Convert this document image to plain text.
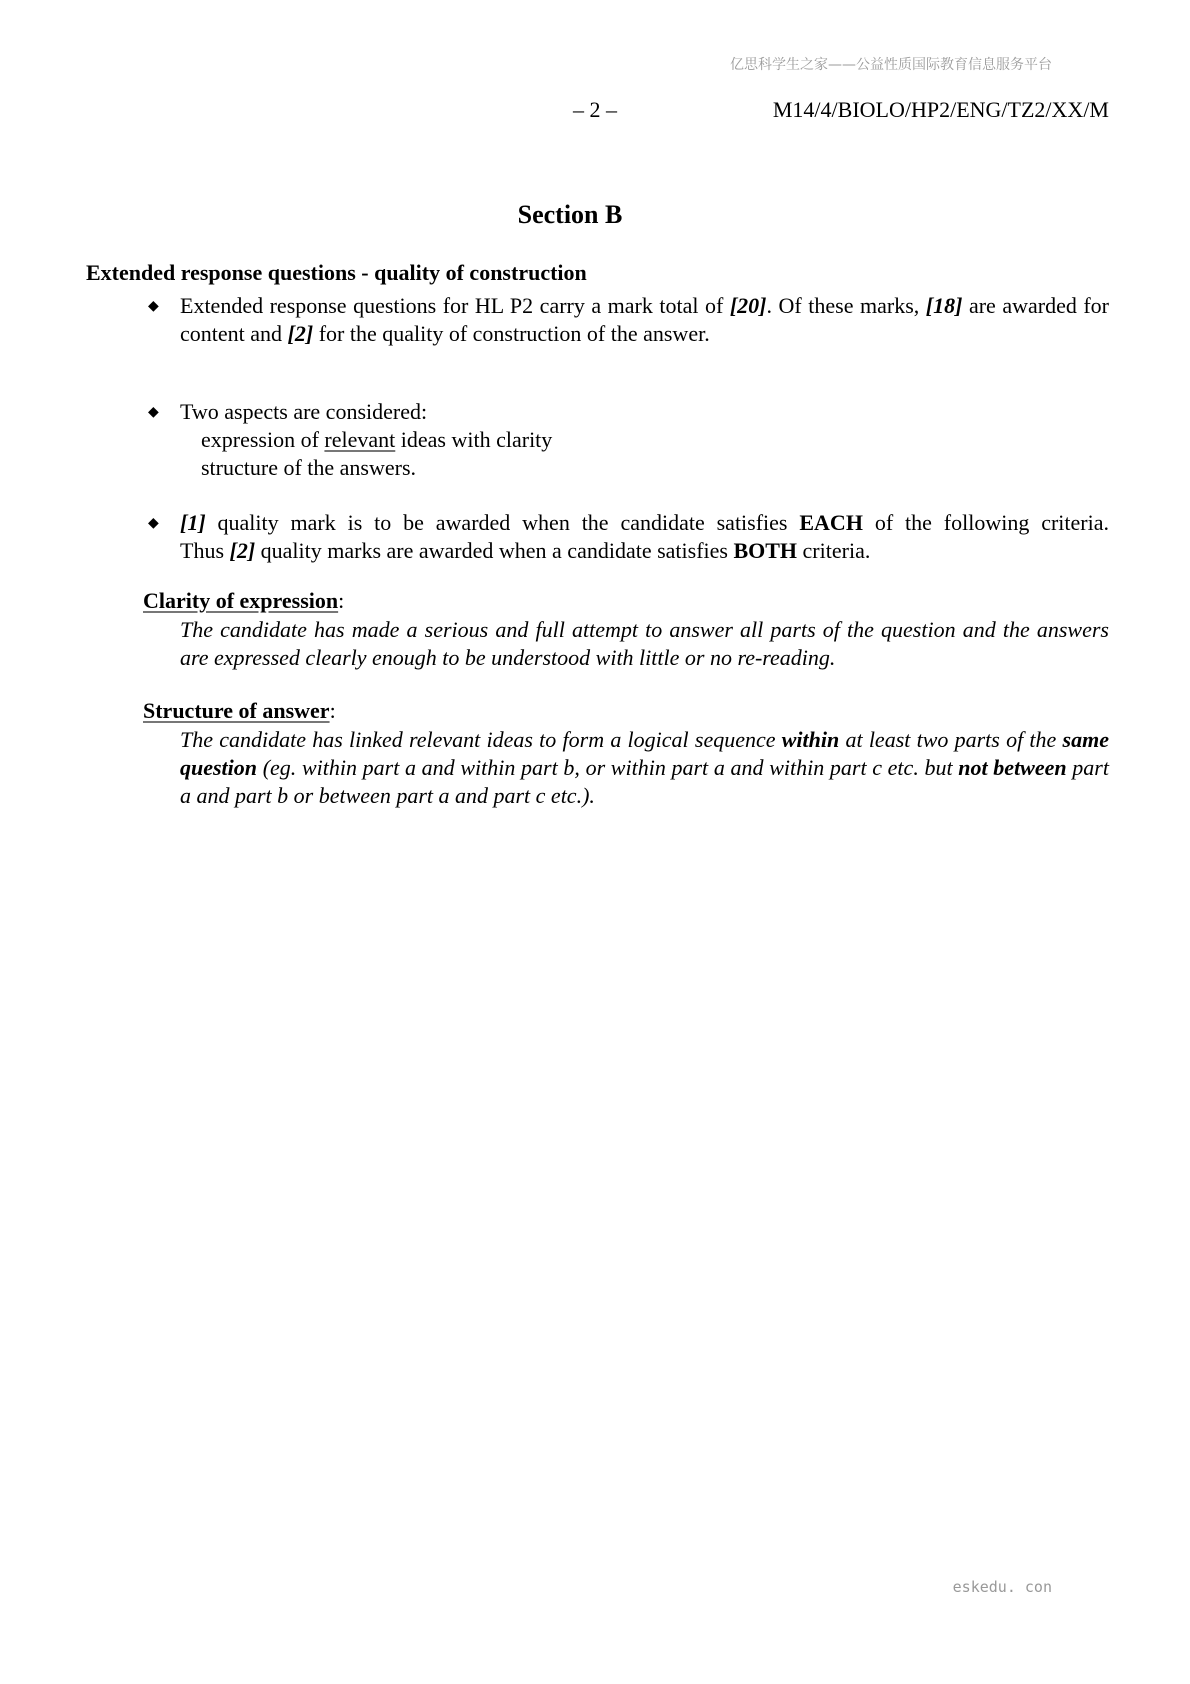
亿思科学生之家——公益性质国际教育信息服务平台
– 2 –	M14/4/BIOLO/HP2/ENG/TZ2/XX/M
Section B
Extended response questions - quality of construction
◆ Extended response questions for HL P2 carry a mark total of [20]. Of these marks, [18] are awarded for content and [2] for the quality of construction of the answer.
◆ Two aspects are considered:
expression of relevant ideas with clarity
structure of the answers.
◆ [1] quality mark is to be awarded when the candidate satisfies EACH of the following criteria.
Thus [2] quality marks are awarded when a candidate satisfies BOTH criteria.
Clarity of expression:
The candidate has made a serious and full attempt to answer all parts of the question and the answers are expressed clearly enough to be understood with little or no re-reading.
Structure of answer:
The candidate has linked relevant ideas to form a logical sequence within at least two parts of the same question (eg. within part a and within part b, or within part a and within part c etc. but not between part a and part b or between part a and part c etc.).
eskedu. con
